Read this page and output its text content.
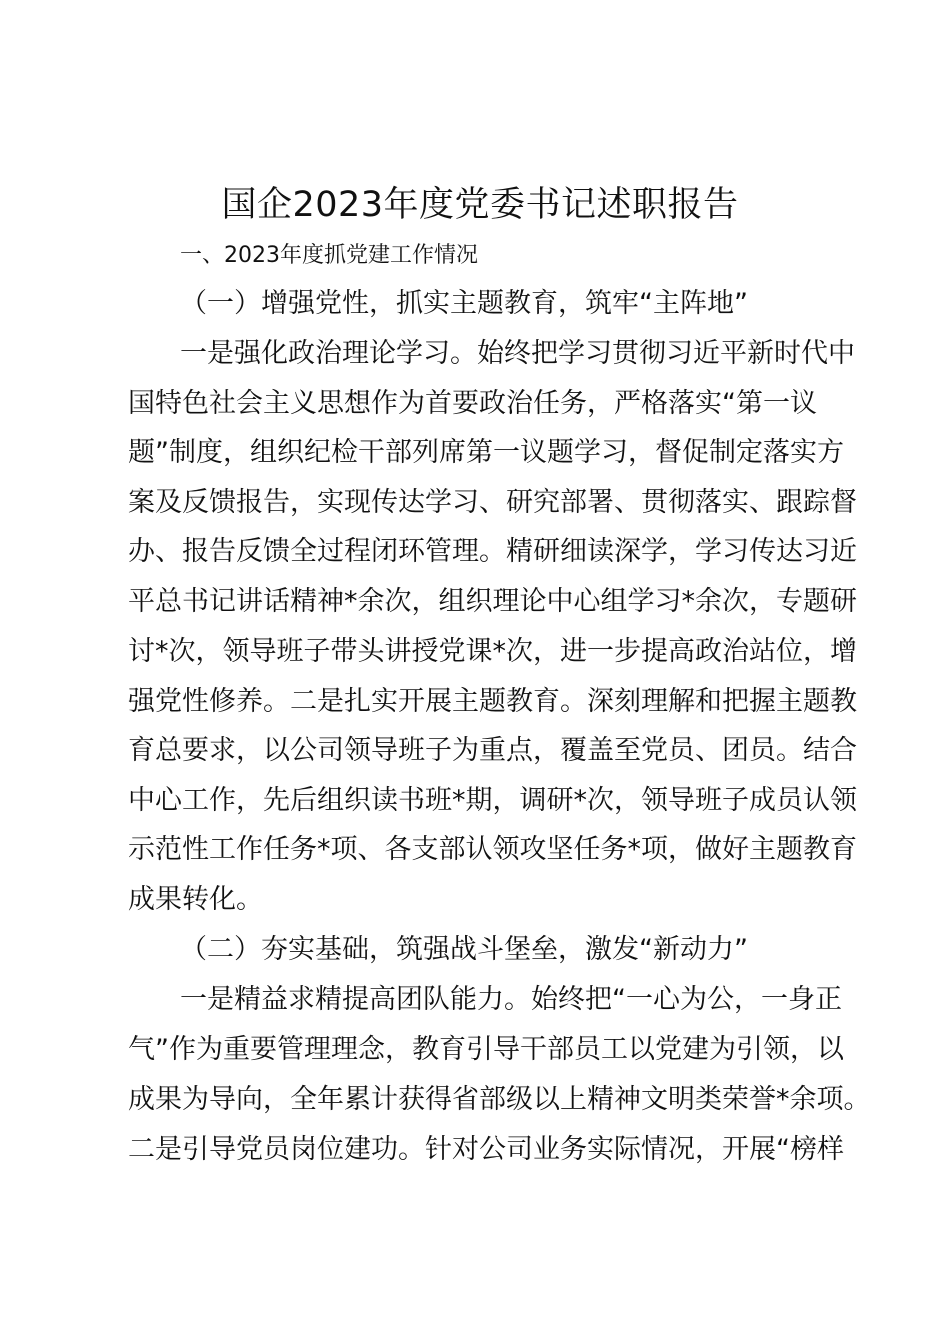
国企2023年度党委书记述职报告
一、2023年度抓党建工作情况
（一）增强党性，抓实主题教育，筑牢“主阵地”
一是强化政治理论学习。始终把学习贯彻习近平新时代中
国特色社会主义思想作为首要政治任务，严格落实“第一议
题”制度，组织纪检干部列席第一议题学习，督促制定落实方
案及反馈报告，实现传达学习、研究部署、贯彻落实、跟踪督
办、报告反馈全过程闭环管理。精研细读深学，学习传达习近
平总书记讲话精神*余次，组织理论中心组学习*余次，专题研
讨*次，领导班子带头讲授党课*次，进一步提高政治站位，增
强党性修养。二是扎实开展主题教育。深刻理解和把握主题教
育总要求，以公司领导班子为重点，覆盖至党员、团员。结合
中心工作，先后组织读书班*期，调研*次，领导班子成员认领
示范性工作任务*项、各支部认领攻坚任务*项，做好主题教育
成果转化。
（二）夯实基础，筑强战斗堡垒，激发“新动力”
一是精益求精提高团队能力。始终把“一心为公，一身正
气”作为重要管理理念，教育引导干部员工以党建为引领，以
成果为导向，全年累计获得省部级以上精神文明类荣誉*余项。
二是引导党员岗位建功。针对公司业务实际情况，开展“榜样
